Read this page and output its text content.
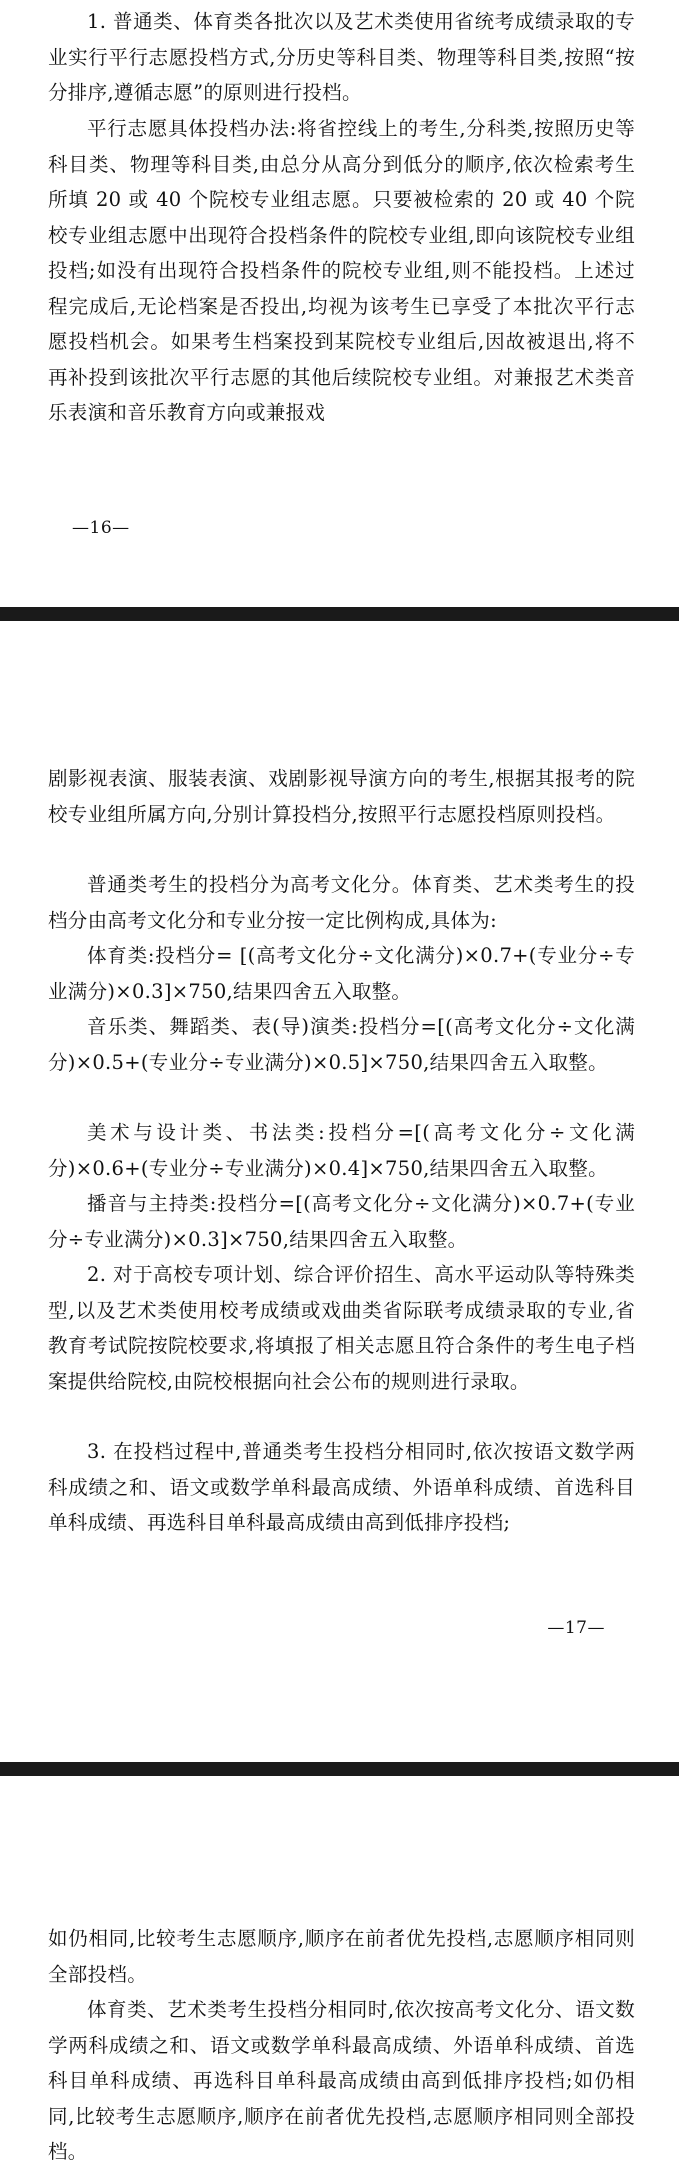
1. 普通类、体育类各批次以及艺术类使用省统考成绩录取的专业实行平行志愿投档方式,分历史等科目类、物理等科目类,按照“按分排序,遵循志愿”的原则进行投档。

平行志愿具体投档办法:将省控线上的考生,分科类,按照历史等科目类、物理等科目类,由总分从高分到低分的顺序,依次检索考生所填 20 或 40 个院校专业组志愿。只要被检索的 20 或 40 个院校专业组志愿中出现符合投档条件的院校专业组,即向该院校专业组投档;如没有出现符合投档条件的院校专业组,则不能投档。上述过程完成后,无论档案是否投出,均视为该考生已享受了本批次平行志愿投档机会。如果考生档案投到某院校专业组后,因故被退出,将不再补投到该批次平行志愿的其他后续院校专业组。对兼报艺术类音乐表演和音乐教育方向或兼报戏

—16—

剧影视表演、服装表演、戏剧影视导演方向的考生,根据其报考的院校专业组所属方向,分别计算投档分,按照平行志愿投档原则投档。

普通类考生的投档分为高考文化分。体育类、艺术类考生的投档分由高考文化分和专业分按一定比例构成,具体为:

体育类:投档分= [(高考文化分÷文化满分)×0.7+(专业分÷专业满分)×0.3]×750,结果四舍五入取整。

音乐类、舞蹈类、表(导)演类:投档分=[(高考文化分÷文化满分)×0.5+(专业分÷专业满分)×0.5]×750,结果四舍五入取整。

美术与设计类、书法类:投档分=[(高考文化分÷文化满分)×0.6+(专业分÷专业满分)×0.4]×750,结果四舍五入取整。

播音与主持类:投档分=[(高考文化分÷文化满分)×0.7+(专业分÷专业满分)×0.3]×750,结果四舍五入取整。

2. 对于高校专项计划、综合评价招生、高水平运动队等特殊类型,以及艺术类使用校考成绩或戏曲类省际联考成绩录取的专业,省教育考试院按院校要求,将填报了相关志愿且符合条件的考生电子档案提供给院校,由院校根据向社会公布的规则进行录取。

3. 在投档过程中,普通类考生投档分相同时,依次按语文数学两科成绩之和、语文或数学单科最高成绩、外语单科成绩、首选科目单科成绩、再选科目单科最高成绩由高到低排序投档;

—17—

如仍相同,比较考生志愿顺序,顺序在前者优先投档,志愿顺序相同则全部投档。

体育类、艺术类考生投档分相同时,依次按高考文化分、语文数学两科成绩之和、语文或数学单科最高成绩、外语单科成绩、首选科目单科成绩、再选科目单科最高成绩由高到低排序投档;如仍相同,比较考生志愿顺序,顺序在前者优先投档,志愿顺序相同则全部投档。
